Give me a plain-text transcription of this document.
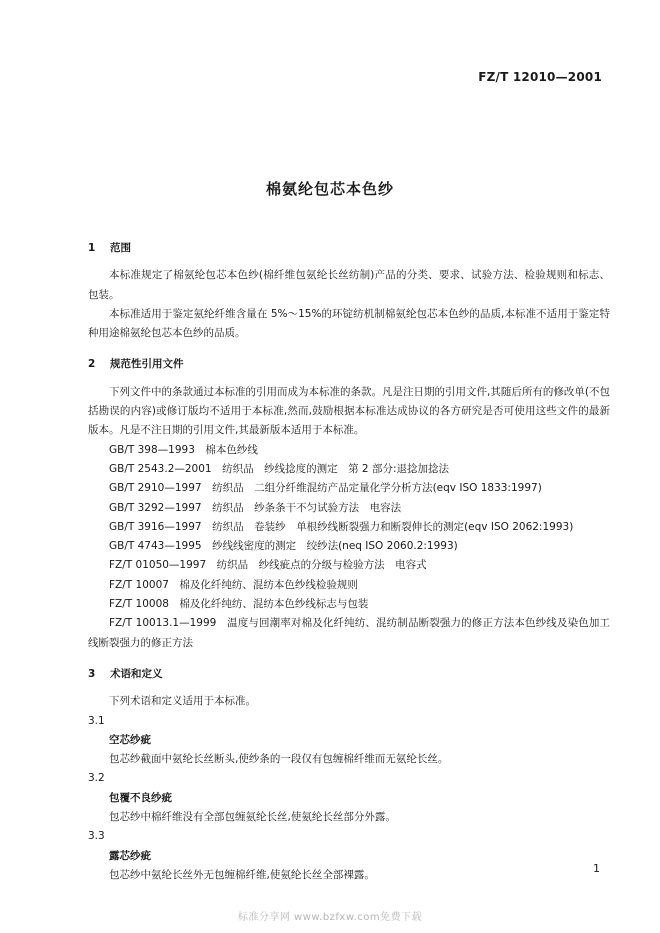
FZ/T 12010—2001
棉氨纶包芯本色纱

1 范围

本标准规定了棉氨纶包芯本色纱(棉纤维包氨纶长丝纺制)产品的分类、要求、试验方法、检验规则和标志、包装。

本标准适用于鉴定氨纶纤维含量在 5%～15%的环锭纺机制棉氨纶包芯本色纱的品质,本标准不适用于鉴定特种用途棉氨纶包芯本色纱的品质。

2 规范性引用文件

下列文件中的条款通过本标准的引用而成为本标准的条款。凡是注日期的引用文件,其随后所有的修改单(不包括勘误的内容)或修订版均不适用于本标准,然而,鼓励根据本标准达成协议的各方研究是否可使用这些文件的最新版本。凡是不注日期的引用文件,其最新版本适用于本标准。

GB/T 398—1993　棉本色纱线

GB/T 2543.2—2001　纺织品　纱线捻度的测定　第 2 部分:退捻加捻法

GB/T 2910—1997　纺织品　二组分纤维混纺产品定量化学分析方法(eqv ISO 1833:1997)

GB/T 3292—1997　纺织品　纱条条干不匀试验方法　电容法

GB/T 3916—1997　纺织品　卷装纱　单根纱线断裂强力和断裂伸长的测定(eqv ISO 2062:1993)

GB/T 4743—1995　纱线线密度的测定　绞纱法(neq ISO 2060.2:1993)

FZ/T 01050—1997　纺织品　纱线疵点的分级与检验方法　电容式

FZ/T 10007　棉及化纤纯纺、混纺本色纱线检验规则

FZ/T 10008　棉及化纤纯纺、混纺本色纱线标志与包装

FZ/T 10013.1—1999　温度与回潮率对棉及化纤纯纺、混纺制品断裂强力的修正方法本色纱线及染色加工线断裂强力的修正方法

3 术语和定义

下列术语和定义适用于本标准。

3.1

空芯纱疵

包芯纱截面中氨纶长丝断头,使纱条的一段仅有包缠棉纤维而无氨纶长丝。

3.2

包覆不良纱疵

包芯纱中棉纤维没有全部包缠氨纶长丝,使氨纶长丝部分外露。

3.3

露芯纱疵

包芯纱中氨纶长丝外无包缠棉纤维,使氨纶长丝全部裸露。	1
标准分享网 www.bzfxw.com免费下载
